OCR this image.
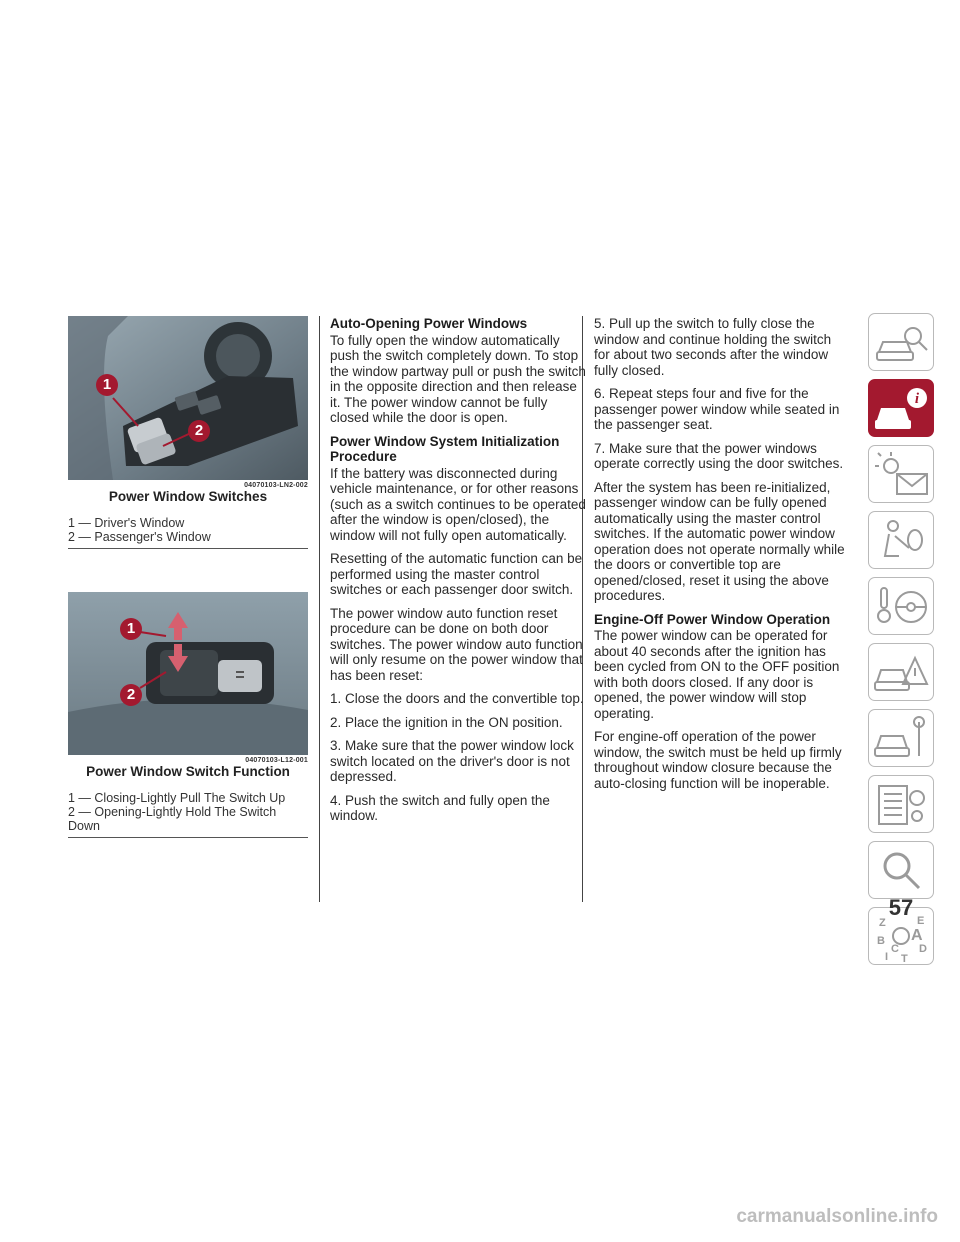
1
2
04070103-LN2-002
Power Window Switches
1 — Driver's Window
2 — Passenger's Window
1
2
04070103-L12-001
Power Window Switch Function
1 — Closing-Lightly Pull The Switch Up
2 — Opening-Lightly Hold The Switch
Down
Auto-Opening Power Windows

To fully open the window automatically push the switch completely down. To stop the window partway pull or push the switch in the opposite direction and then release it. The power window cannot be fully closed while the door is open.

Power Window System Initialization Procedure

If the battery was disconnected during vehicle maintenance, or for other reasons (such as a switch continues to be operated after the window is open/closed), the window will not fully open automatically.

Resetting of the automatic function can be performed using the master control switches or each passenger door switch.

The power window auto function reset procedure can be done on both door switches. The power window auto function will only resume on the power window that has been reset:

1. Close the doors and the convertible top.

2. Place the ignition in the ON position.

3. Make sure that the power window lock switch located on the driver's door is not depressed.

4. Push the switch and fully open the window.

5. Pull up the switch to fully close the window and continue holding the switch for about two seconds after the window fully closed.

6. Repeat steps four and five for the passenger power window while seated in the passenger seat.

7. Make sure that the power windows operate correctly using the door switches.

After the system has been re-initialized, passenger window can be fully opened automatically using the master control switches. If the automatic power window operation does not operate normally while the doors or convertible top are opened/closed, reset it using the above procedures.

Engine-Off Power Window Operation

The power window can be operated for about 40 seconds after the ignition has been cycled from ON to the OFF position with both doors closed. If any door is opened, the power window will stop operating.

For engine-off operation of the power window, the switch must be held up firmly throughout window closure because the auto-closing function will be inoperable.

i
Z	E
B A
C D
T
I
57
carmanualsonline.info
